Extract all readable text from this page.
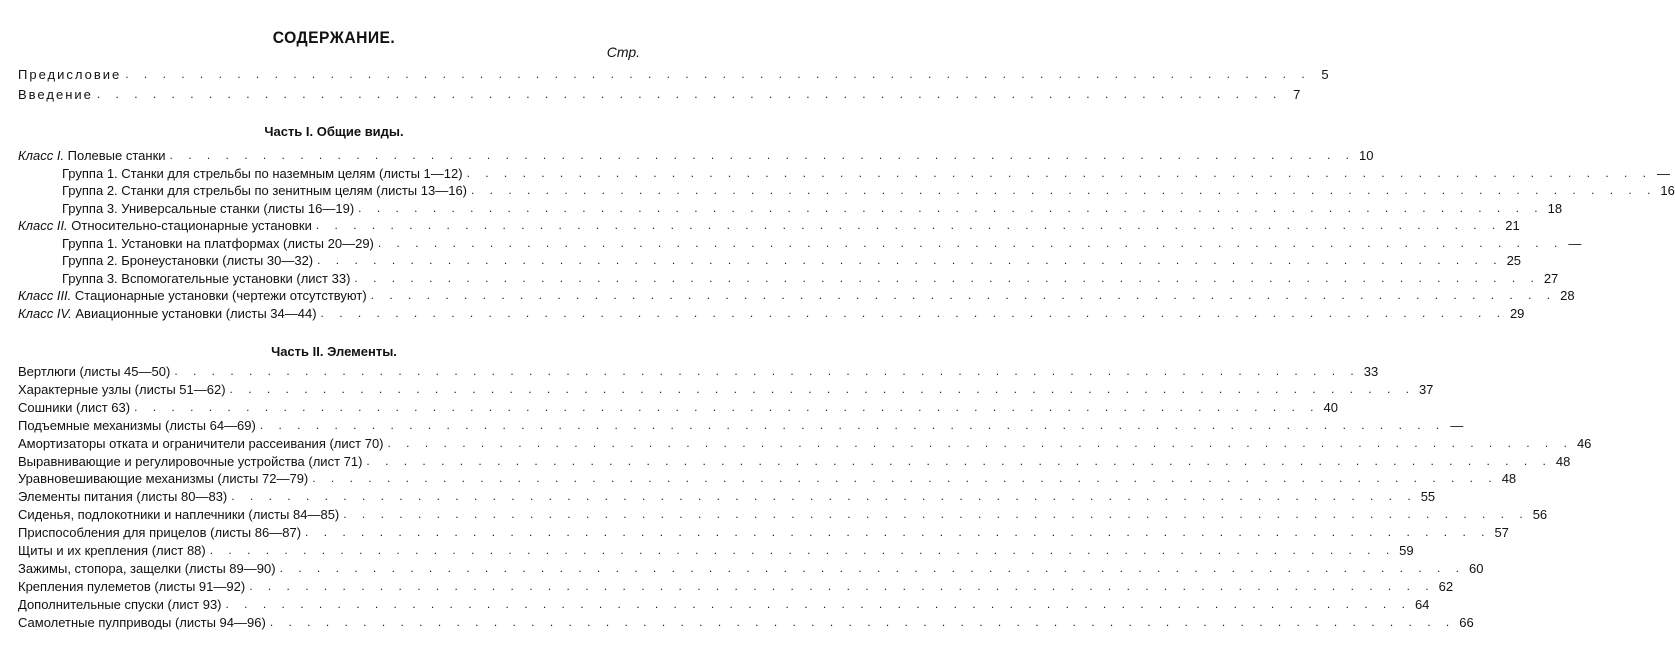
СОДЕРЖАНИЕ.
Стр.
Предисловие . . . . . . . . . . . . . . . . . . . . . . . . . . . . . . . . . . . . . . . . . . . . . . . . . . . . . . . . . . . . . . . . 5
Введение . . . . . . . . . . . . . . . . . . . . . . . . . . . . . . . . . . . . . . . . . . . . . . . . . . . . . . . . . . . . . . . . 7
Часть I. Общие виды.
Класс I. Полевые станки . . . . . . . . . . . . . . . . . . . . . . . . . . . . . . . . . . . . . . . . . . . . . . . . . . . . . . . . . . . . . . . . 10
Группа 1. Станки для стрельбы по наземным целям (листы 1—12) . . . . . . . . . . . . . . . . . . . . . . . . . . . . . . . . . . . . . . . . . . . . . . . . . . . . . . . . . . . . . . . . —
Группа 2. Станки для стрельбы по зенитным целям (листы 13—16) . . . . . . . . . . . . . . . . . . . . . . . . . . . . . . . . . . . . . . . . . . . . . . . . . . . . . . . . . . . . . . . . 16
Группа 3. Универсальные станки (листы 16—19) . . . . . . . . . . . . . . . . . . . . . . . . . . . . . . . . . . . . . . . . . . . . . . . . . . . . . . . . . . . . . . . . 18
Класс II. Относительно-стационарные установки . . . . . . . . . . . . . . . . . . . . . . . . . . . . . . . . . . . . . . . . . . . . . . . . . . . . . . . . . . . . . . . . 21
Группа 1. Установки на платформах (листы 20—29) . . . . . . . . . . . . . . . . . . . . . . . . . . . . . . . . . . . . . . . . . . . . . . . . . . . . . . . . . . . . . . . . —
Группа 2. Бронеустановки (листы 30—32) . . . . . . . . . . . . . . . . . . . . . . . . . . . . . . . . . . . . . . . . . . . . . . . . . . . . . . . . . . . . . . . . 25
Группа 3. Вспомогательные установки (лист 33) . . . . . . . . . . . . . . . . . . . . . . . . . . . . . . . . . . . . . . . . . . . . . . . . . . . . . . . . . . . . . . . . 27
Класс III. Стационарные установки (чертежи отсутствуют) . . . . . . . . . . . . . . . . . . . . . . . . . . . . . . . . . . . . . . . . . . . . . . . . . . . . . . . . . . . . . . . . 28
Класс IV. Авиационные установки (листы 34—44) . . . . . . . . . . . . . . . . . . . . . . . . . . . . . . . . . . . . . . . . . . . . . . . . . . . . . . . . . . . . . . . . 29
Часть II. Элементы.
Вертлюги (листы 45—50) . . . . . . . . . . . . . . . . . . . . . . . . . . . . . . . . . . . . . . . . . . . . . . . . . . . . . . . . . . . . . . . . 33
Характерные узлы (листы 51—62) . . . . . . . . . . . . . . . . . . . . . . . . . . . . . . . . . . . . . . . . . . . . . . . . . . . . . . . . . . . . . . . . 37
Сошники (лист 63) . . . . . . . . . . . . . . . . . . . . . . . . . . . . . . . . . . . . . . . . . . . . . . . . . . . . . . . . . . . . . . . . 40
Подъемные механизмы (листы 64—69) . . . . . . . . . . . . . . . . . . . . . . . . . . . . . . . . . . . . . . . . . . . . . . . . . . . . . . . . . . . . . . . . —
Амортизаторы отката и ограничители рассеивания (лист 70) . . . . . . . . . . . . . . . . . . . . . . . . . . . . . . . . . . . . . . . . . . . . . . . . . . . . . . . . . . . . . . . . 46
Выравнивающие и регулировочные устройства (лист 71) . . . . . . . . . . . . . . . . . . . . . . . . . . . . . . . . . . . . . . . . . . . . . . . . . . . . . . . . . . . . . . . . 48
Уравновешивающие механизмы (листы 72—79) . . . . . . . . . . . . . . . . . . . . . . . . . . . . . . . . . . . . . . . . . . . . . . . . . . . . . . . . . . . . . . . . 48
Элементы питания (листы 80—83) . . . . . . . . . . . . . . . . . . . . . . . . . . . . . . . . . . . . . . . . . . . . . . . . . . . . . . . . . . . . . . . . 55
Сиденья, подлокотники и наплечники (листы 84—85) . . . . . . . . . . . . . . . . . . . . . . . . . . . . . . . . . . . . . . . . . . . . . . . . . . . . . . . . . . . . . . . . 56
Приспособления для прицелов (листы 86—87) . . . . . . . . . . . . . . . . . . . . . . . . . . . . . . . . . . . . . . . . . . . . . . . . . . . . . . . . . . . . . . . . 57
Щиты и их крепления (лист 88) . . . . . . . . . . . . . . . . . . . . . . . . . . . . . . . . . . . . . . . . . . . . . . . . . . . . . . . . . . . . . . . . 59
Зажимы, стопора, защелки (листы 89—90) . . . . . . . . . . . . . . . . . . . . . . . . . . . . . . . . . . . . . . . . . . . . . . . . . . . . . . . . . . . . . . . . 60
Крепления пулеметов (листы 91—92) . . . . . . . . . . . . . . . . . . . . . . . . . . . . . . . . . . . . . . . . . . . . . . . . . . . . . . . . . . . . . . . . 62
Дополнительные спуски (лист 93) . . . . . . . . . . . . . . . . . . . . . . . . . . . . . . . . . . . . . . . . . . . . . . . . . . . . . . . . . . . . . . . . 64
Самолетные пулприводы (листы 94—96) . . . . . . . . . . . . . . . . . . . . . . . . . . . . . . . . . . . . . . . . . . . . . . . . . . . . . . . . . . . . . . . . 66
